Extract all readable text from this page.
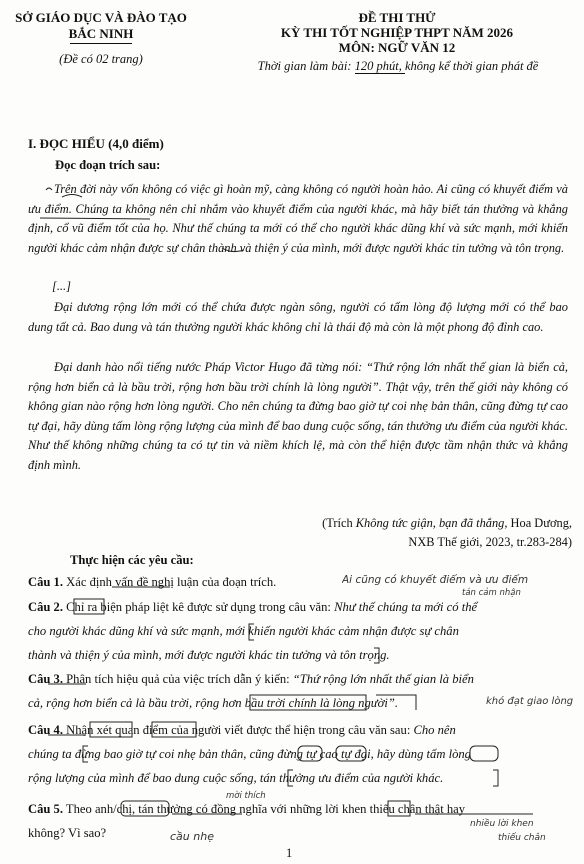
SỞ GIÁO DỤC VÀ ĐÀO TẠO
BẮC NINH
(Đề có 02 trang)
ĐỀ THI THỬ
KỲ THI TỐT NGHIỆP THPT NĂM 2026
MÔN: NGỮ VĂN 12
Thời gian làm bài: 120 phút, không kể thời gian phát đề
I. ĐỌC HIỂU (4,0 điểm)
Đọc đoạn trích sau:
Trên đời này vốn không có việc gì hoàn mỹ, càng không có người hoàn hảo. Ai cũng có khuyết điểm và ưu điểm. Chúng ta không nên chỉ nhắm vào khuyết điểm của người khác, mà hãy biết tán thưởng và khẳng định, cổ vũ điểm tốt của họ. Như thế chúng ta mới có thể cho người khác dũng khí và sức mạnh, mới khiến người khác cảm nhận được sự chân thành và thiện ý của mình, mới được người khác tin tưởng và tôn trọng.
[...]
Đại dương rộng lớn mới có thể chứa được ngàn sông, người có tấm lòng độ lượng mới có thể bao dung tất cả. Bao dung và tán thưởng người khác không chỉ là thái độ mà còn là một phong độ đỉnh cao.
Đại danh hào nổi tiếng nước Pháp Victor Hugo đã từng nói: “Thứ rộng lớn nhất thế gian là biển cả, rộng hơn biển cả là bầu trời, rộng hơn bầu trời chính là lòng người”. Thật vậy, trên thế giới này không có không gian nào rộng hơn lòng người. Cho nên chúng ta đừng bao giờ tự coi nhẹ bản thân, cũng đừng tự cao tự đại, hãy dùng tấm lòng rộng lượng của mình để bao dung cuộc sống, tán thưởng ưu điểm của người khác. Như thế không những chúng ta có tự tin và niềm khích lệ, mà còn thể hiện được tầm nhận thức và khẳng định mình.
(Trích Không tức giận, bạn đã thắng, Hoa Dương,
NXB Thế giới, 2023, tr.283-284)
Thực hiện các yêu cầu:
Câu 1. Xác định vấn đề nghị luận của đoạn trích.	Ai cũng có khuyết điểm và ưu điểm
tán cảm nhận
Câu 2. Chỉ ra biện pháp liệt kê được sử dụng trong câu văn: Như thế chúng ta mới có thể
cho người khác dũng khí và sức mạnh, mới khiến người khác cảm nhận được sự chân
thành và thiện ý của mình, mới được người khác tin tưởng và tôn trọng.
Câu 3. Phân tích hiệu quả của việc trích dẫn ý kiến: “Thứ rộng lớn nhất thế gian là biển
cả, rộng hơn biển cả là bầu trời, rộng hơn bầu trời chính là lòng người”.	khó đạt giao lòng
Câu 4. Nhận xét quan điểm của người viết được thể hiện trong câu văn sau: Cho nên
chúng ta đừng bao giờ tự coi nhẹ bản thân, cũng đừng tự cao tự đại, hãy dùng tấm lòng
rộng lượng của mình để bao dung cuộc sống, tán thưởng ưu điểm của người khác.
Câu 5. Theo anh/chị, tán thưởng có đồng nghĩa với những lời khen thiếu chân thật hay
không? Vì sao?
mời thích
nhiều lời khen
thiếu chân
cầu nhẹ
1
